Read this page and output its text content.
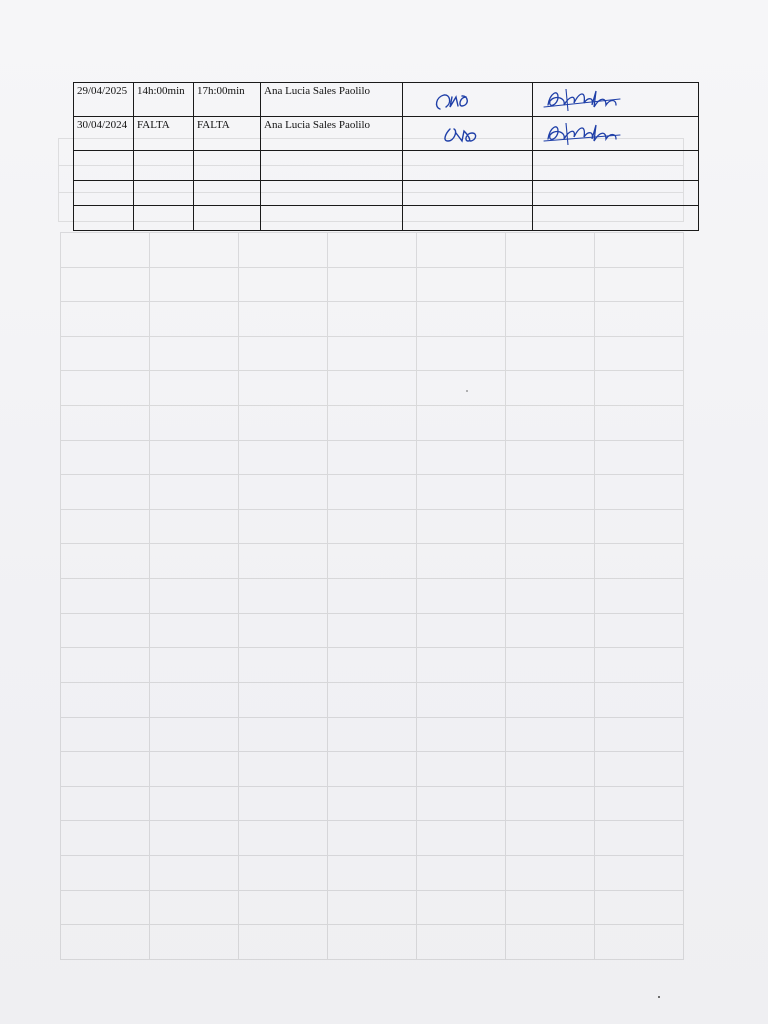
29/04/2025	14h:00min	17h:00min	Ana Lucia Sales Paolilo	

30/04/2024	FALTA	FALTA	Ana Lucia Sales Paolilo	
